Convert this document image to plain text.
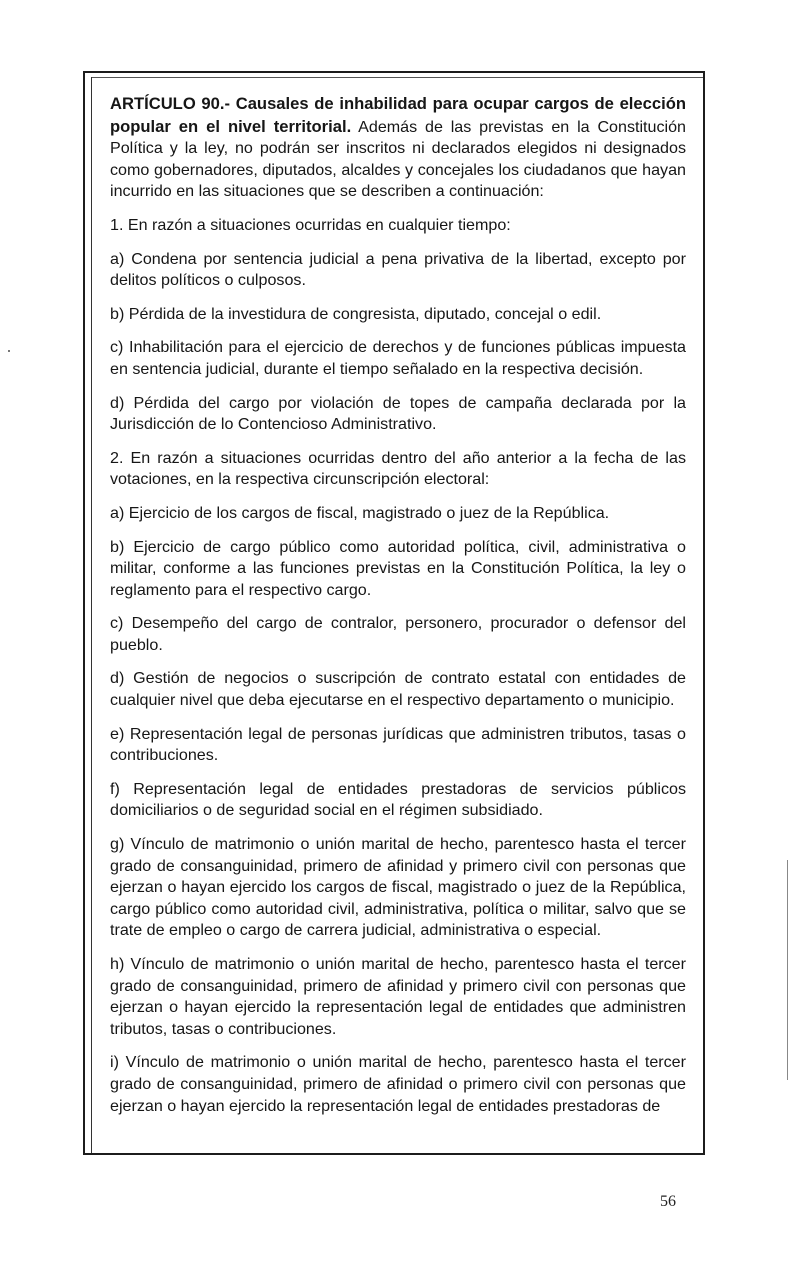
ARTÍCULO 90.- Causales de inhabilidad para ocupar cargos de elección popular en el nivel territorial. Además de las previstas en la Constitución Política y la ley, no podrán ser inscritos ni declarados elegidos ni designados como gobernadores, diputados, alcaldes y concejales los ciudadanos que hayan incurrido en las situaciones que se describen a continuación:

1. En razón a situaciones ocurridas en cualquier tiempo:

a) Condena por sentencia judicial a pena privativa de la libertad, excepto por delitos políticos o culposos.

b) Pérdida de la investidura de congresista, diputado, concejal o edil.

c) Inhabilitación para el ejercicio de derechos y de funciones públicas impuesta en sentencia judicial, durante el tiempo señalado en la respectiva decisión.

d) Pérdida del cargo por violación de topes de campaña declarada por la Jurisdicción de lo Contencioso Administrativo.

2. En razón a situaciones ocurridas dentro del año anterior a la fecha de las votaciones, en la respectiva circunscripción electoral:

a) Ejercicio de los cargos de fiscal, magistrado o juez de la República.

b) Ejercicio de cargo público como autoridad política, civil, administrativa o militar, conforme a las funciones previstas en la Constitución Política, la ley o reglamento para el respectivo cargo.

c) Desempeño del cargo de contralor, personero, procurador o defensor del pueblo.

d) Gestión de negocios o suscripción de contrato estatal con entidades de cualquier nivel que deba ejecutarse en el respectivo departamento o municipio.

e) Representación legal de personas jurídicas que administren tributos, tasas o contribuciones.

f) Representación legal de entidades prestadoras de servicios públicos domiciliarios o de seguridad social en el régimen subsidiado.

g) Vínculo de matrimonio o unión marital de hecho, parentesco hasta el tercer grado de consanguinidad, primero de afinidad y primero civil con personas que ejerzan o hayan ejercido los cargos de fiscal, magistrado o juez de la República, cargo público como autoridad civil, administrativa, política o militar, salvo que se trate de empleo o cargo de carrera judicial, administrativa o especial.

h) Vínculo de matrimonio o unión marital de hecho, parentesco hasta el tercer grado de consanguinidad, primero de afinidad y primero civil con personas que ejerzan o hayan ejercido la representación legal de entidades que administren tributos, tasas o contribuciones.

i) Vínculo de matrimonio o unión marital de hecho, parentesco hasta el tercer grado de consanguinidad, primero de afinidad o primero civil con personas que ejerzan o hayan ejercido la representación legal de entidades prestadoras de

56
